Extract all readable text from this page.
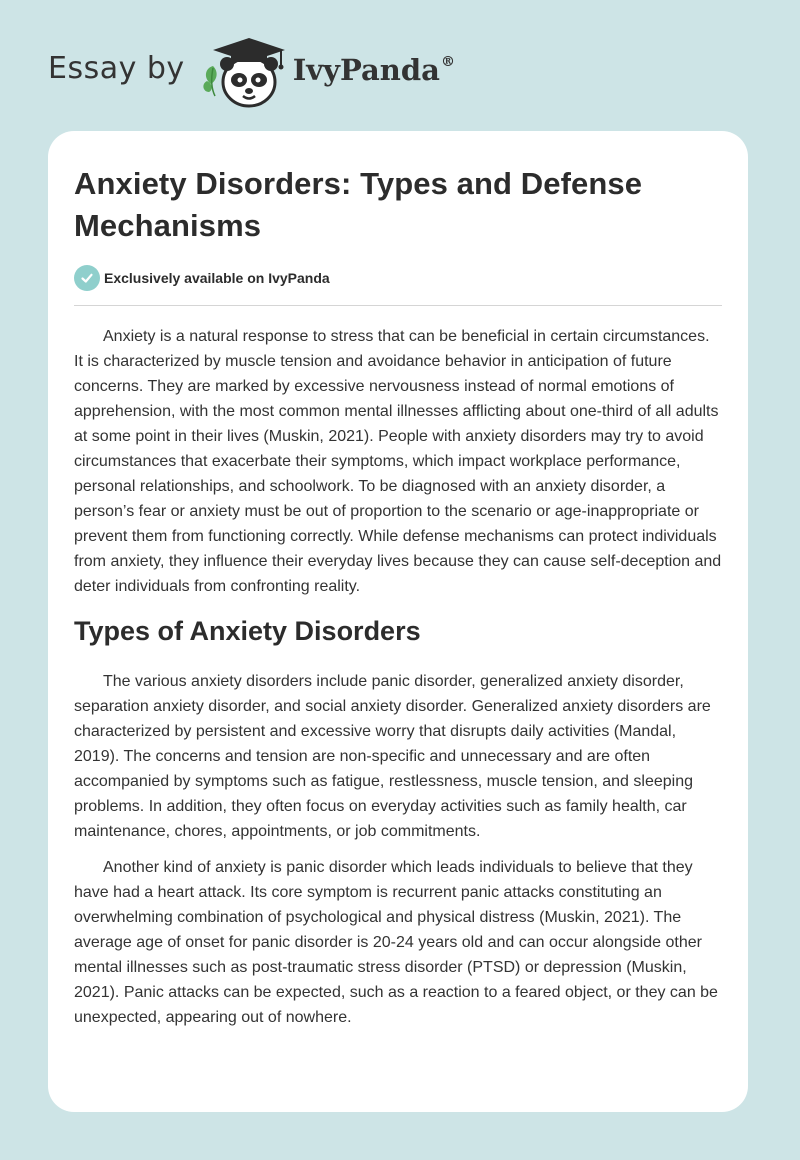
Essay by	IvyPanda®
Anxiety Disorders: Types and Defense Mechanisms
Exclusively available on IvyPanda

Anxiety is a natural response to stress that can be beneficial in certain circumstances. It is characterized by muscle tension and avoidance behavior in anticipation of future concerns. They are marked by excessive nervousness instead of normal emotions of apprehension, with the most common mental illnesses afflicting about one-third of all adults at some point in their lives (Muskin, 2021). People with anxiety disorders may try to avoid circumstances that exacerbate their symptoms, which impact workplace performance, personal relationships, and schoolwork. To be diagnosed with an anxiety disorder, a person’s fear or anxiety must be out of proportion to the scenario or age-inappropriate or prevent them from functioning correctly. While defense mechanisms can protect individuals from anxiety, they influence their everyday lives because they can cause self-deception and deter individuals from confronting reality.

Types of Anxiety Disorders

The various anxiety disorders include panic disorder, generalized anxiety disorder, separation anxiety disorder, and social anxiety disorder. Generalized anxiety disorders are characterized by persistent and excessive worry that disrupts daily activities (Mandal, 2019). The concerns and tension are non-specific and unnecessary and are often accompanied by symptoms such as fatigue, restlessness, muscle tension, and sleeping problems. In addition, they often focus on everyday activities such as family health, car maintenance, chores, appointments, or job commitments.

Another kind of anxiety is panic disorder which leads individuals to believe that they have had a heart attack. Its core symptom is recurrent panic attacks constituting an overwhelming combination of psychological and physical distress (Muskin, 2021). The average age of onset for panic disorder is 20-24 years old and can occur alongside other mental illnesses such as post-traumatic stress disorder (PTSD) or depression (Muskin, 2021). Panic attacks can be expected, such as a reaction to a feared object, or they can be unexpected, appearing out of nowhere.
